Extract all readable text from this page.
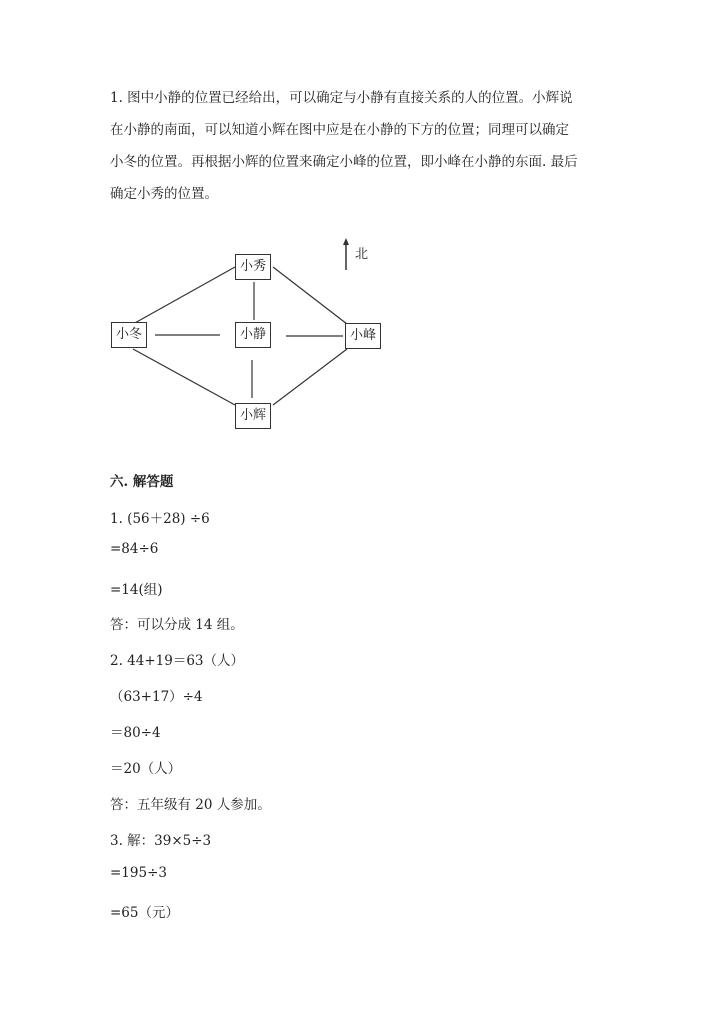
1. 图中小静的位置已经给出，可以确定与小静有直接关系的人的位置。小辉说

在小静的南面，可以知道小辉在图中应是在小静的下方的位置；同理可以确定

小冬的位置。再根据小辉的位置来确定小峰的位置，即小峰在小静的东面. 最后

确定小秀的位置。

北
小秀
小冬	小静	小峰
小辉
六. 解答题
1. (56＋28) ÷6
=84÷6
=14(组)
答：可以分成 14 组。
2. 44+19＝63（人）
（63+17）÷4
＝80÷4
＝20（人）
答：五年级有 20 人参加。
3. 解：39×5÷3
=195÷3
=65（元）
